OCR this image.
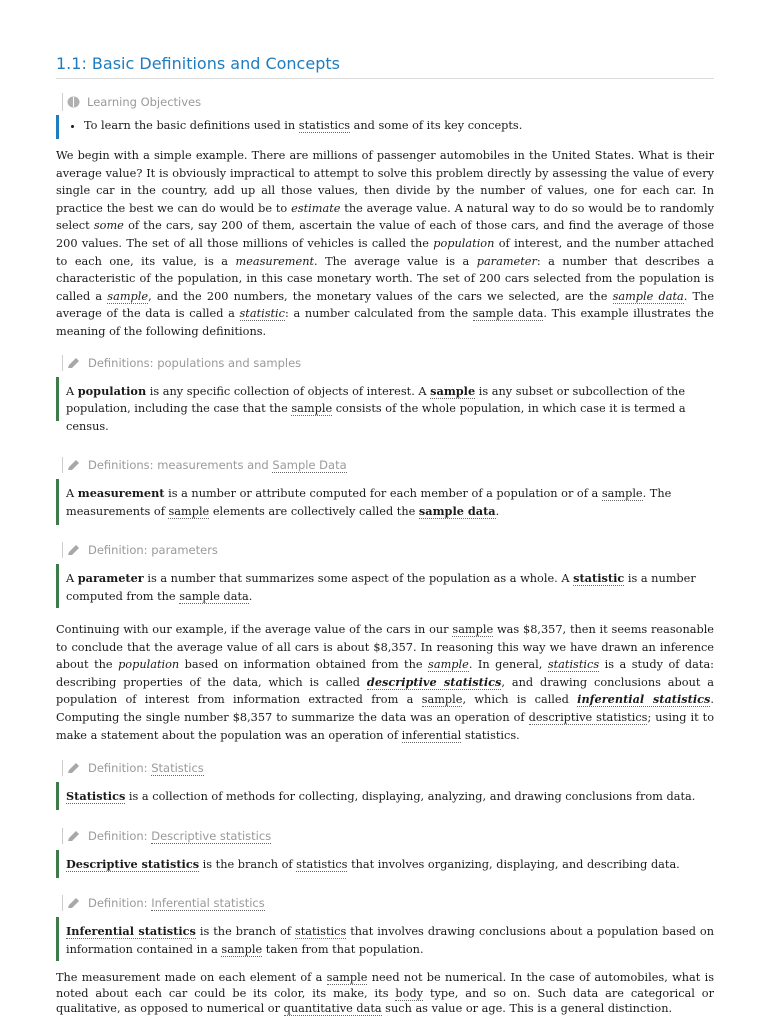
1.1: Basic Definitions and Concepts
Learning Objectives
• To learn the basic definitions used in statistics and some of its key concepts.

We begin with a simple example. There are millions of passenger automobiles in the United States. What is their average value? It is obviously impractical to attempt to solve this problem directly by assessing the value of every single car in the country, add up all those values, then divide by the number of values, one for each car. In practice the best we can do would be to estimate the average value. A natural way to do so would be to randomly select some of the cars, say 200 of them, ascertain the value of each of those cars, and find the average of those 200 values. The set of all those millions of vehicles is called the population of interest, and the number attached to each one, its value, is a measurement. The average value is a parameter: a number that describes a characteristic of the population, in this case monetary worth. The set of 200 cars selected from the population is called a sample, and the 200 numbers, the monetary values of the cars we selected, are the sample data. The average of the data is called a statistic: a number calculated from the sample data. This example illustrates the meaning of the following definitions.

Definitions: populations and samples
A population is any specific collection of objects of interest. A sample is any subset or subcollection of the population, including the case that the sample consists of the whole population, in which case it is termed a census.
Definitions: measurements and Sample Data
A measurement is a number or attribute computed for each member of a population or of a sample. The measurements of sample elements are collectively called the sample data.
Definition: parameters
A parameter is a number that summarizes some aspect of the population as a whole. A statistic is a number computed from the sample data.

Continuing with our example, if the average value of the cars in our sample was $8,357, then it seems reasonable to conclude that the average value of all cars is about $8,357. In reasoning this way we have drawn an inference about the population based on information obtained from the sample. In general, statistics is a study of data: describing properties of the data, which is called descriptive statistics, and drawing conclusions about a population of interest from information extracted from a sample, which is called inferential statistics. Computing the single number $8,357 to summarize the data was an operation of descriptive statistics; using it to make a statement about the population was an operation of inferential statistics.

Definition: Statistics
Statistics is a collection of methods for collecting, displaying, analyzing, and drawing conclusions from data.
Definition: Descriptive statistics
Descriptive statistics is the branch of statistics that involves organizing, displaying, and describing data.
Definition: Inferential statistics
Inferential statistics is the branch of statistics that involves drawing conclusions about a population based on information contained in a sample taken from that population.

The measurement made on each element of a sample need not be numerical. In the case of automobiles, what is noted about each car could be its color, its make, its body type, and so on. Such data are categorical or qualitative, as opposed to numerical or quantitative data such as value or age. This is a general distinction.
